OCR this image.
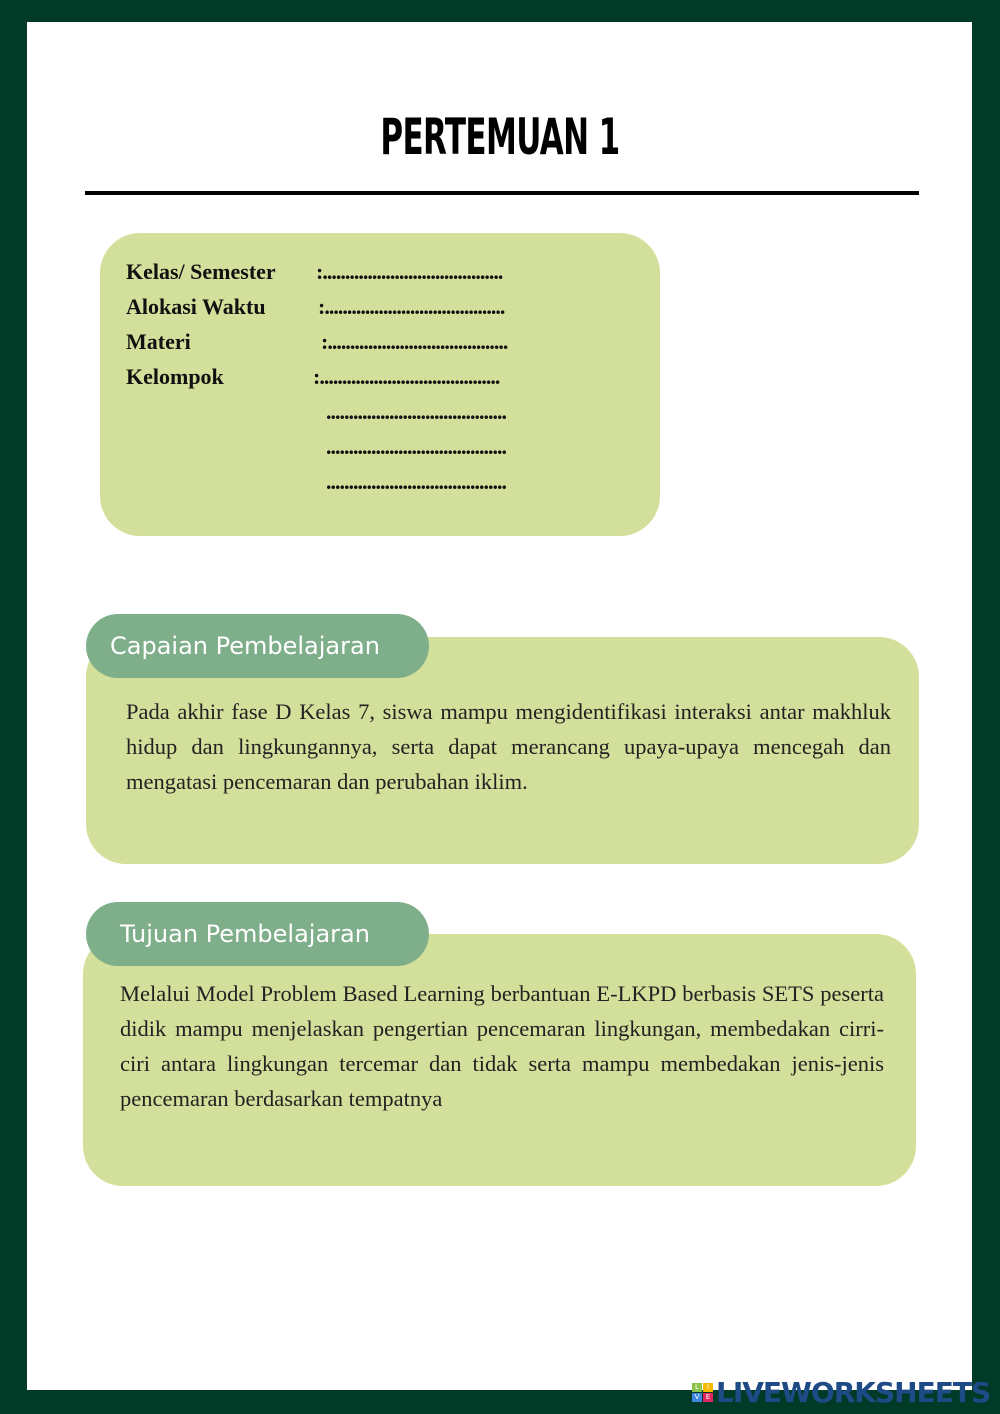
PERTEMUAN 1
Kelas/ Semester :........................................
Alokasi Waktu :........................................
Materi	:........................................
Kelompok	:........................................
........................................
........................................
........................................
Pada akhir fase D Kelas 7, siswa mampu mengidentifikasi interaksi antar makhluk hidup dan lingkungannya, serta dapat merancang upaya-upaya mencegah dan mengatasi pencemaran dan perubahan iklim.
Capaian Pembelajaran
Melalui Model Problem Based Learning berbantuan E-LKPD berbasis SETS peserta didik mampu menjelaskan pengertian pencemaran lingkungan, membedakan cirri-ciri antara lingkungan tercemar dan tidak serta mampu membedakan jenis-jenis pencemaran berdasarkan tempatnya
Tujuan Pembelajaran
L	I
V E LIVEWORKSHEETS
